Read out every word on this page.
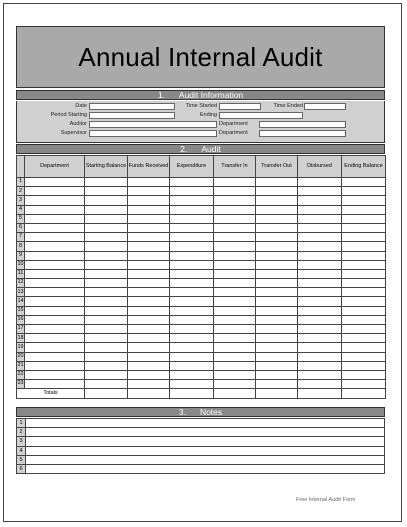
Annual Internal Audit
1. Audit Information
Date	Time Started	Time Ended
Period Starting	Ending
Auditor	Department
Supervisor	Department
2. Audit
	Department	Starting Balance	Funds Received	Expenditure	Transfer In	Transfer Out	Disbursed	Ending Balance
1								
2								
3								
4								
5								
6								
7								
8								
9								
10								
11								
12								
13								
14								
15								
16								
17								
18								
19								
20								
21								
22								
23								
Totals								
3. Notes
1	
2	
3	
4	
5	
6	
Free Internal Audit Form
